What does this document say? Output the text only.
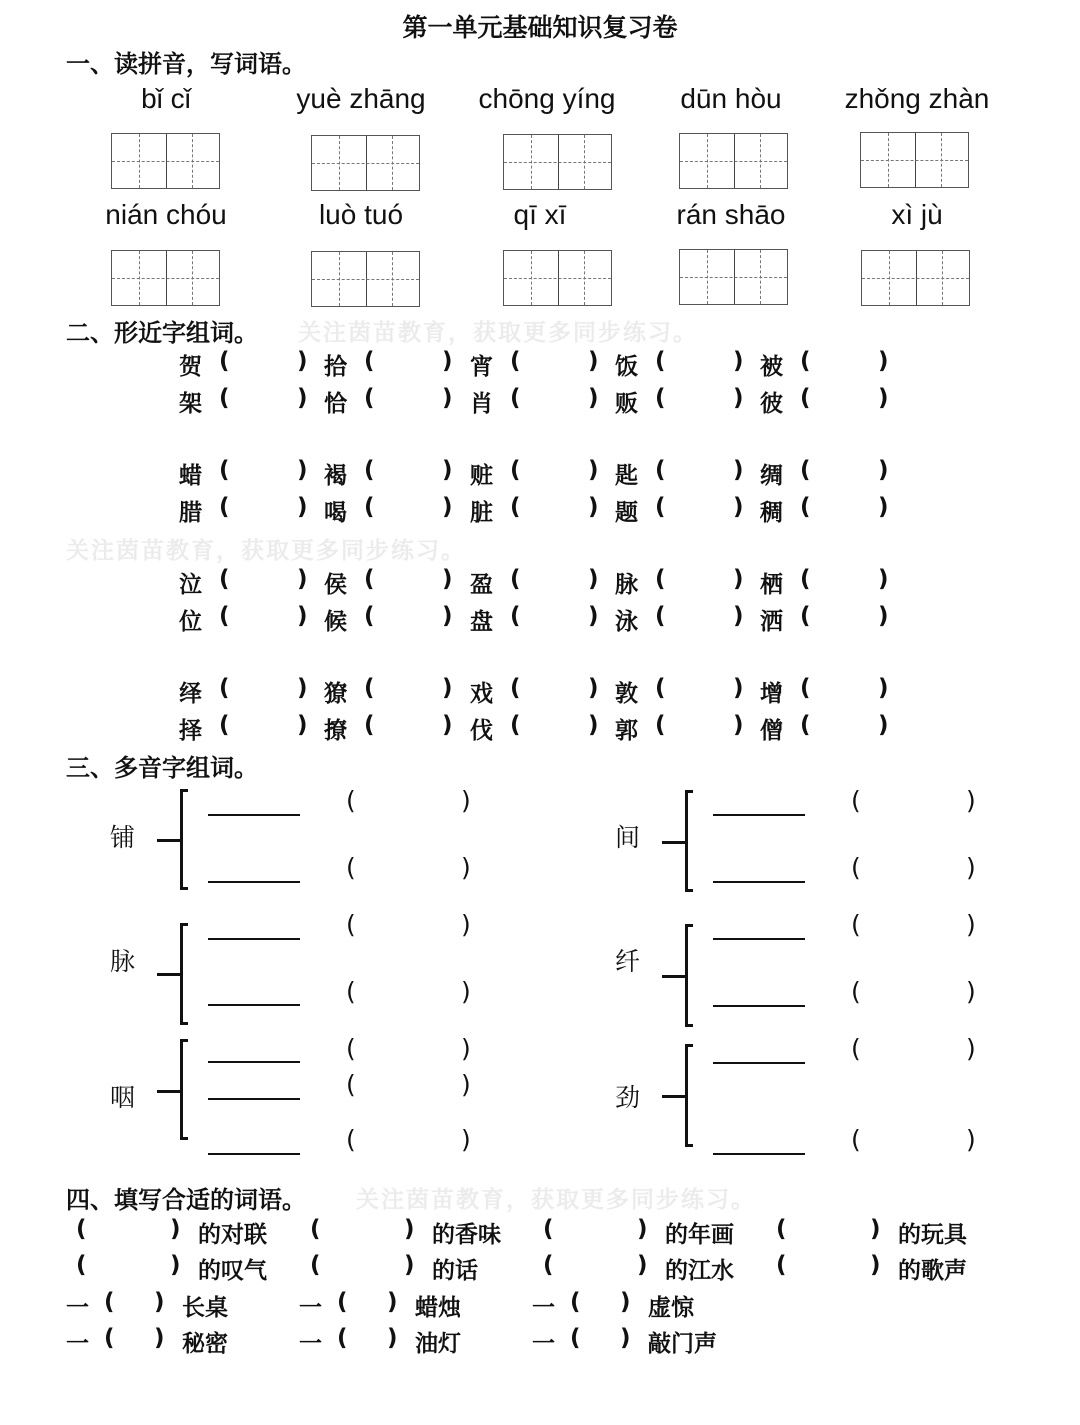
第一单元基础知识复习卷
一、读拼音，写词语。
bǐ cǐ	yuè zhāng	chōng yíng	dūn hòu	zhǒng zhàn
nián chóu	luò tuó	qī xī	rán shāo	xì jù
二、形近字组词。 关注茵苗教育，获取更多同步练习。
关注茵苗教育，获取更多同步练习。
贺 (	) 拾 (	) 宵 (	) 饭 (	) 被 (	)
架 (	) 恰 (	) 肖 (	) 贩 (	) 彼 (	)
蜡 (	) 褐 (	) 赃 (	) 匙 (	) 绸 (	)
腊 (	) 喝 (	) 脏 (	) 题 (	) 稠 (	)
泣 (	) 侯 (	) 盈 (	) 脉 (	) 栖 (	)
位 (	) 候 (	) 盘 (	) 泳 (	) 洒 (	)
绎 (	) 獠 (	) 戏 (	) 敦 (	) 增 (	)
择 (	) 撩 (	) 伐 (	) 郭 (	) 僧 (	)
三、多音字组词。
铺
(	)
(	)
脉
(	)
(	)
咽
(	)
(	)
(	)
间
(	)
(	)
纤
(	)
(	)
劲
(	)
(	)
四、填写合适的词语。 关注茵苗教育，获取更多同步练习。
(	) 的对联 (	) 的香味 (	) 的年画 (	) 的玩具
(	) 的叹气 (	) 的话	(	) 的江水 (	) 的歌声
一 ( ) 长桌	一 ( ) 蜡烛	一 ( ) 虚惊
一 ( ) 秘密	一 ( ) 油灯	一 ( ) 敲门声
